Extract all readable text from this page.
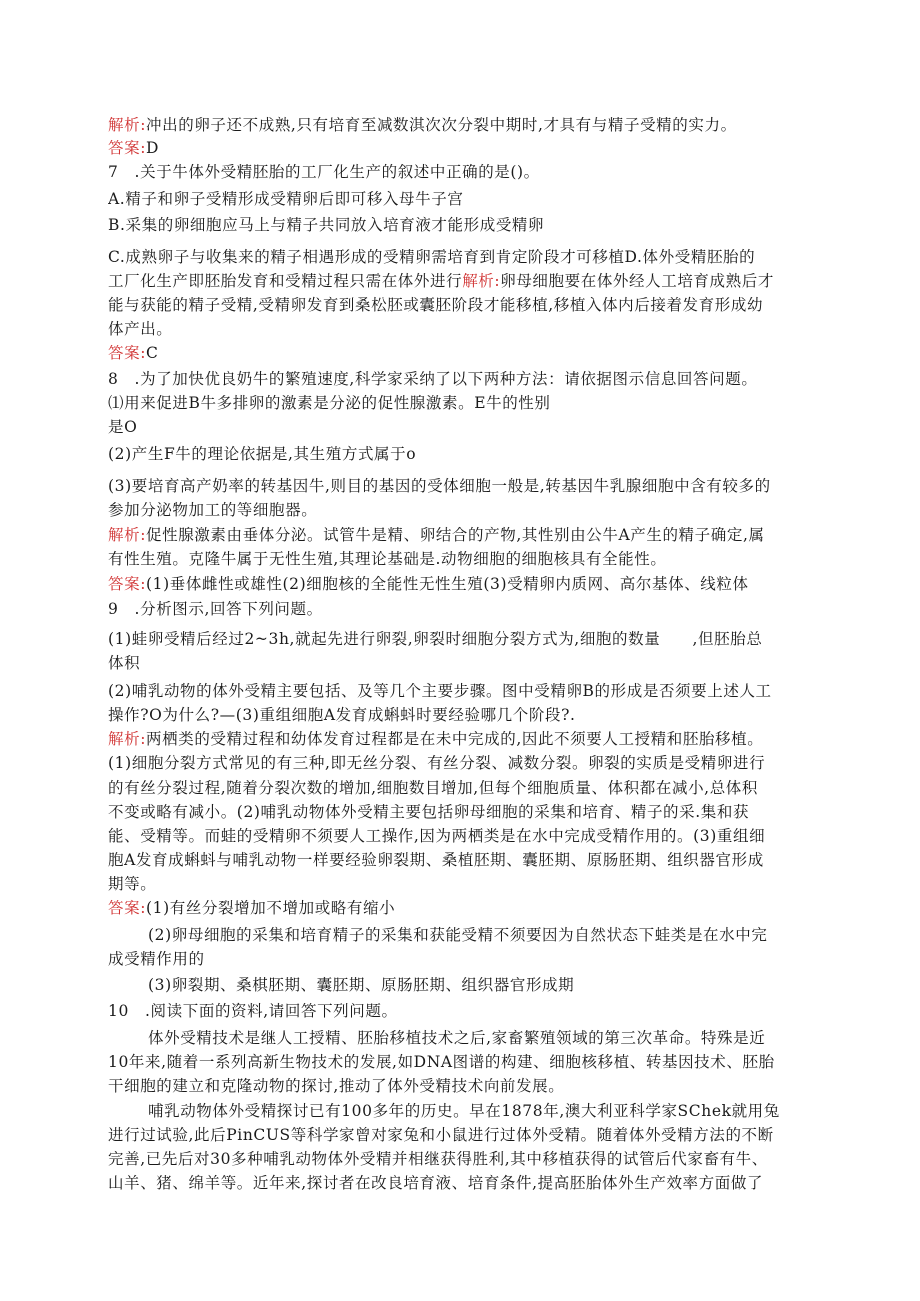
解析:冲出的卵子还不成熟,只有培育至减数淇次次分裂中期时,才具有与精子受精的实力。
答案:D
7　.关于牛体外受精胚胎的工厂化生产的叙述中正确的是()。
A.精子和卵子受精形成受精卵后即可移入母牛子宫
B.采集的卵细胞应马上与精子共同放入培育液才能形成受精卵
C.成熟卵子与收集来的精子相遇形成的受精卵需培育到肯定阶段才可移植D.体外受精胚胎的
工厂化生产即胚胎发育和受精过程只需在体外进行解析:卵母细胞要在体外经人工培育成熟后才
能与获能的精子受精,受精卵发育到桑松胚或囊胚阶段才能移植,移植入体内后接着发育形成幼
体产出。
答案:C
8　.为了加快优良奶牛的繁殖速度,科学家采纳了以下两种方法：请依据图示信息回答问题。
⑴用来促进B牛多排卵的激素是分泌的促性腺激素。E牛的性别
是O
(2)产生F牛的理论依据是,其生殖方式属于o
(3)要培育高产奶率的转基因牛,则目的基因的受体细胞一般是,转基因牛乳腺细胞中含有较多的
参加分泌物加工的等细胞器。
解析:促性腺激素由垂体分泌。试管牛是精、卵结合的产物,其性别由公牛A产生的精子确定,属
有性生殖。克隆牛属于无性生殖,其理论基础是.动物细胞的细胞核具有全能性。
答案:(1)垂体雌性或雄性(2)细胞核的全能性无性生殖(3)受精卵内质网、高尔基体、线粒体
9　.分析图示,回答下列问题。
(1)蛙卵受精后经过2~3h,就起先进行卵裂,卵裂时细胞分裂方式为,细胞的数量　　,但胚胎总
体积
(2)哺乳动物的体外受精主要包括、及等几个主要步骤。图中受精卵B的形成是否须要上述人工
操作?O为什么?—(3)重组细胞A发育成蝌蚪时要经验哪几个阶段?.
解析:两栖类的受精过程和幼体发育过程都是在未中完成的,因此不须要人工授精和胚胎移植。
(1)细胞分裂方式常见的有三种,即无丝分裂、有丝分裂、减数分裂。卵裂的实质是受精卵进行
的有丝分裂过程,随着分裂次数的增加,细胞数目增加,但每个细胞质量、体积都在减小,总体积
不变或略有减小。(2)哺乳动物体外受精主要包括卵母细胞的采集和培育、精子的采.集和获
能、受精等。而蛙的受精卵不须要人工操作,因为两栖类是在水中完成受精作用的。(3)重组细
胞A发育成蝌蚪与哺乳动物一样要经验卵裂期、桑植胚期、囊胚期、原肠胚期、组织器官形成
期等。
答案:(1)有丝分裂增加不增加或略有缩小
(2)卵母细胞的采集和培育精子的采集和获能受精不须要因为自然状态下蛙类是在水中完
成受精作用的
(3)卵裂期、桑棋胚期、囊胚期、原肠胚期、组织器官形成期
10　.阅读下面的资料,请回答下列问题。
体外受精技术是继人工授精、胚胎移植技术之后,家畜繁殖领域的第三次革命。特殊是近
10年来,随着一系列高新生物技术的发展,如DNA图谱的构建、细胞核移植、转基因技术、胚胎
干细胞的建立和克隆动物的探讨,推动了体外受精技术向前发展。
哺乳动物体外受精探讨已有100多年的历史。早在1878年,澳大利亚科学家SChek就用兔
进行过试验,此后PinCUS等科学家曾对家兔和小鼠进行过体外受精。随着体外受精方法的不断
完善,已先后对30多种哺乳动物体外受精并相继获得胜利,其中移植获得的试管后代家畜有牛、
山羊、猪、绵羊等。近年来,探讨者在改良培育液、培育条件,提高胚胎体外生产效率方面做了
